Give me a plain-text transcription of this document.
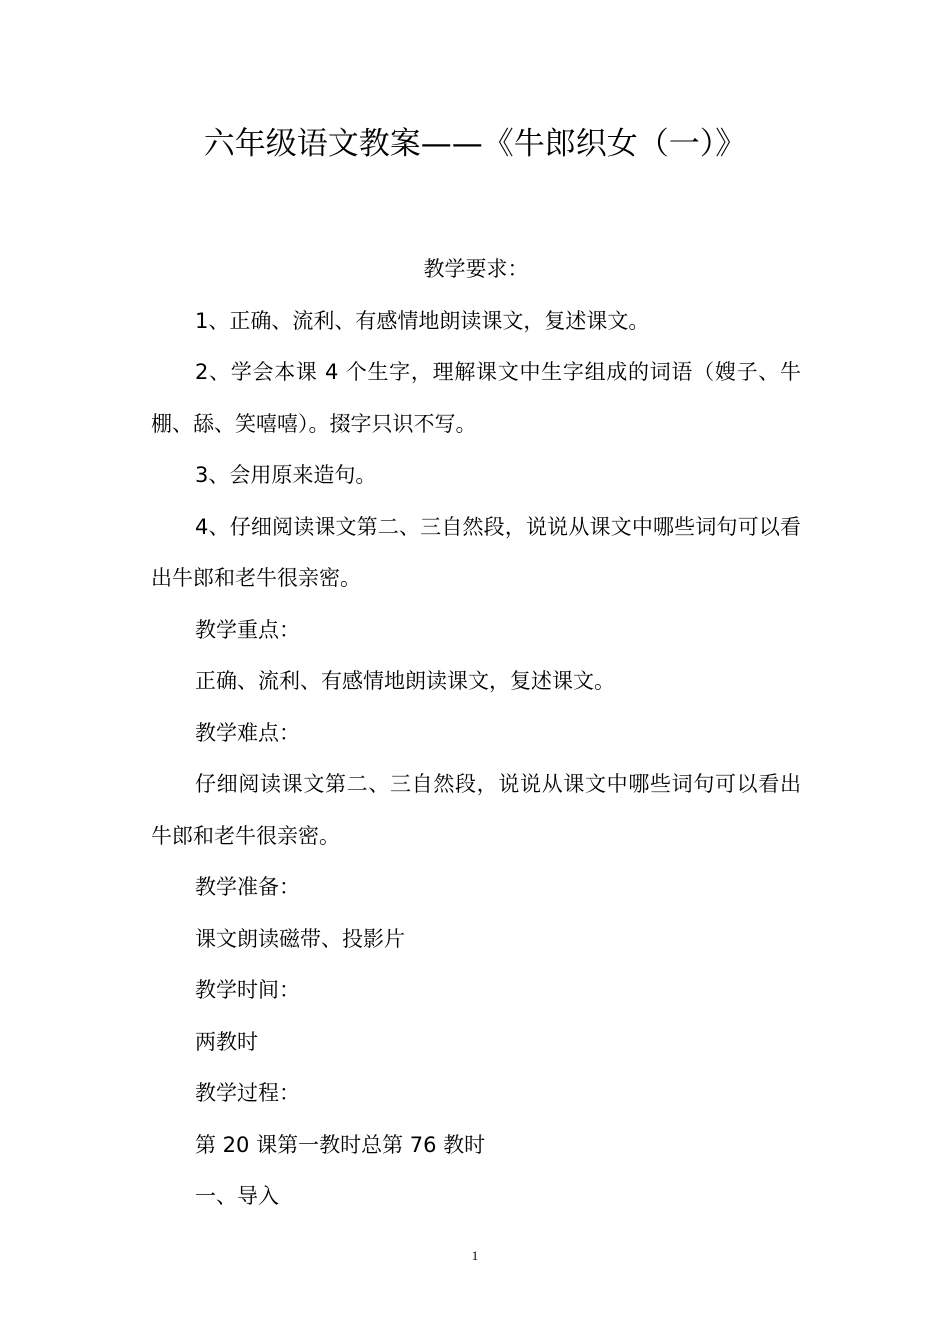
六年级语文教案——《牛郎织女（一）》

教学要求：

1、正确、流利、有感情地朗读课文，复述课文。

2、学会本课 4 个生字，理解课文中生字组成的词语（嫂子、牛棚、舔、笑嘻嘻）。掇字只识不写。

3、会用原来造句。

4、仔细阅读课文第二、三自然段，说说从课文中哪些词句可以看出牛郎和老牛很亲密。

教学重点：

正确、流利、有感情地朗读课文，复述课文。

教学难点：

仔细阅读课文第二、三自然段，说说从课文中哪些词句可以看出牛郎和老牛很亲密。

教学准备：

课文朗读磁带、投影片

教学时间：

两教时

教学过程：

第 20 课第一教时总第 76 教时

一、导入

1
